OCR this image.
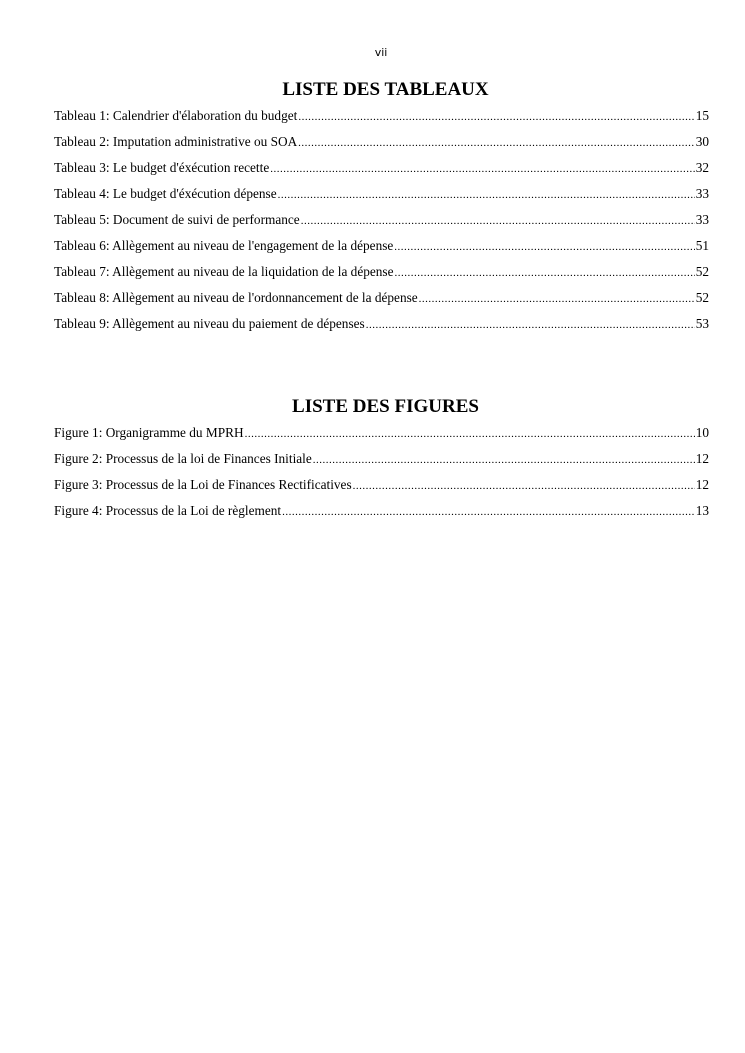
vii
LISTE DES TABLEAUX
Tableau 1: Calendrier d'élaboration du budget .....	15
Tableau 2: Imputation administrative ou SOA .....	30
Tableau 3: Le budget d'éxécution recette .....	32
Tableau 4: Le budget d'éxécution dépense .....	33
Tableau 5: Document de suivi de performance .....	33
Tableau 6: Allègement au niveau de l'engagement de la dépense .....	51
Tableau 7: Allègement au niveau de la liquidation de la dépense .....	52
Tableau 8: Allègement au niveau de l'ordonnancement de la dépense .....	52
Tableau 9: Allègement au niveau du paiement de dépenses .....	53
LISTE DES FIGURES
Figure 1: Organigramme du MPRH .....	10
Figure 2: Processus de la loi de Finances Initiale .....	12
Figure 3: Processus de la Loi de Finances Rectificatives .....	12
Figure 4: Processus de la Loi de règlement .....	13
